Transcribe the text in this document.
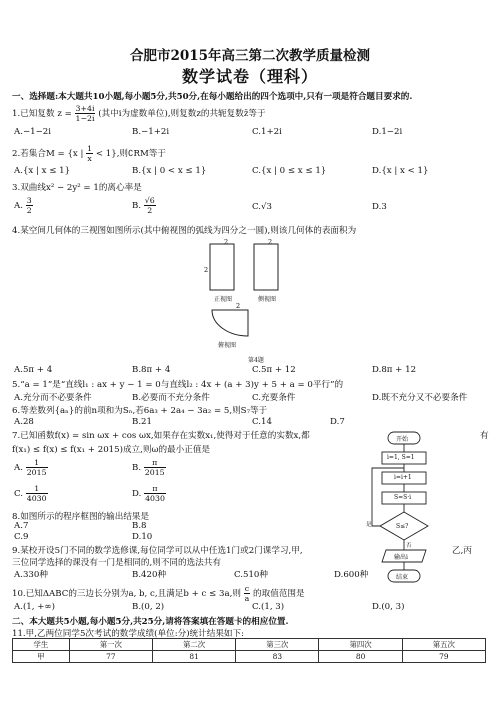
合肥市2015年高三第二次教学质量检测
数学试卷（理科）
一、选择题:本大题共10小题,每小题5分,共50分,在每小题给出的四个选项中,只有一项是符合题目要求的.
1.已知复数 $z = \frac{3+4i}{1-2i}$ (其中i为虚数单位),则复数z的共轭复数z̄等于
A.−1−2i	B.−1+2i	C.1+2i	D.1−2i
2.若集合M = {x | $\frac{1}{x} < 1$},则∁RM等于
A.{x | x ≤ 1}	B.{x | 0 < x ≤ 1}	C.{x | 0 ≤ x ≤ 1}	D.{x | x < 1}
3.双曲线x² − 2y² = 1的离心率是
A. $\frac{3}{2}$	B. $\frac{√6}{2}$	C.√3	D.3
4.某空间几何体的三视图如图所示(其中俯视图的弧线为四分之一圆),则该几何体的表面积为
2	2
2
2
正视图	侧视图
俯视图
第4题
A.5π + 4	B.8π + 4	C.5π + 12	D.8π + 12
5.“a = 1”是“直线l₁ : ax + y − 1 = 0与直线l₂ : 4x + (a + 3)y + 5 + a = 0平行”的
A.充分而不必要条件	B.必要而不充分条件	C.充要条件	D.既不充分又不必要条件
6.等差数列{aₙ}的前n项和为Sₙ,若6a₃ + 2a₄ − 3a₂ = 5,则S₇等于
A.28	B.21	C.14	D.7
7.已知函数f(x) = sin ωx + cos ωx,如果存在实数x₁,使得对于任意的实数x,都	有
f(x₁) ≤ f(x) ≤ f(x₁ + 2015)成立,则ω的最小正值是
A. $\frac{1}{2015}$	B. $\frac{\pi}{2015}$
C. $\frac{1}{4030}$	D. $\frac{\pi}{4030}$
8.如图所示的程序框图的输出结果是
A.7	B.8
C.9	D.10
9.某校开设5门不同的数学选修课,每位同学可以从中任选1门或2门课学习,甲,	乙,丙
三位同学选择的课没有一门是相同的,则不同的选法共有
A.330种	B.420种	C.510种	D.600种
10.已知ΔABC的三边长分别为a, b, c,且满足b + c ≤ 3a,则 $\frac{c}{a}$ 的取值范围是
A.(1, +∞)	B.(0, 2)	C.(1, 3)	D.(0, 3)
二、本大题共5小题,每小题5分,共25分,请将答案填在答题卡的相应位置.
11.甲,乙两位同学5次考试的数学成绩(单位:分)统计结果如下:
学生	第一次	第二次	第三次	第四次	第五次
甲	77	81	83	80	79
开始
i=1, S=1
i=i+1
S=S·i
S≤?
是
否
输出i
结束
